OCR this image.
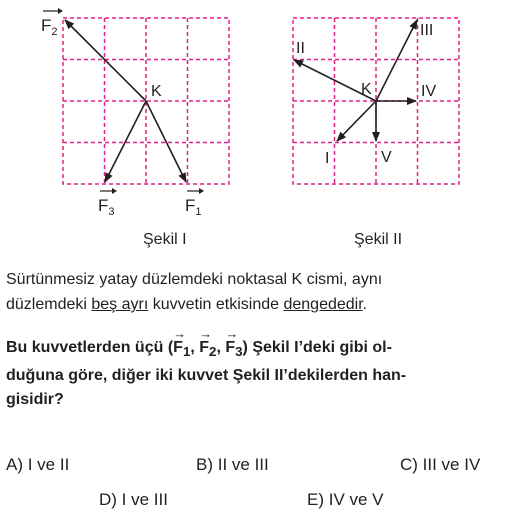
K
$F_2$
$F_3$	$F_1$
K
I
II
III
IV
V
Şekil I	Şekil II
Sürtünmesiz yatay düzlemdeki noktasal K cismi, aynı
düzlemdeki beş ayrı kuvvetin etkisinde dengededir.
Bu kuvvetlerden üçü (→ $F_1$, → $F_2$, → $F_3$) Şekil I’deki gibi ol-
duğuna göre, diğer iki kuvvet Şekil II’dekilerden han-
gisidir?
A) I ve II	B) II ve III	C) III ve IV
D) I ve III	E) IV ve V
